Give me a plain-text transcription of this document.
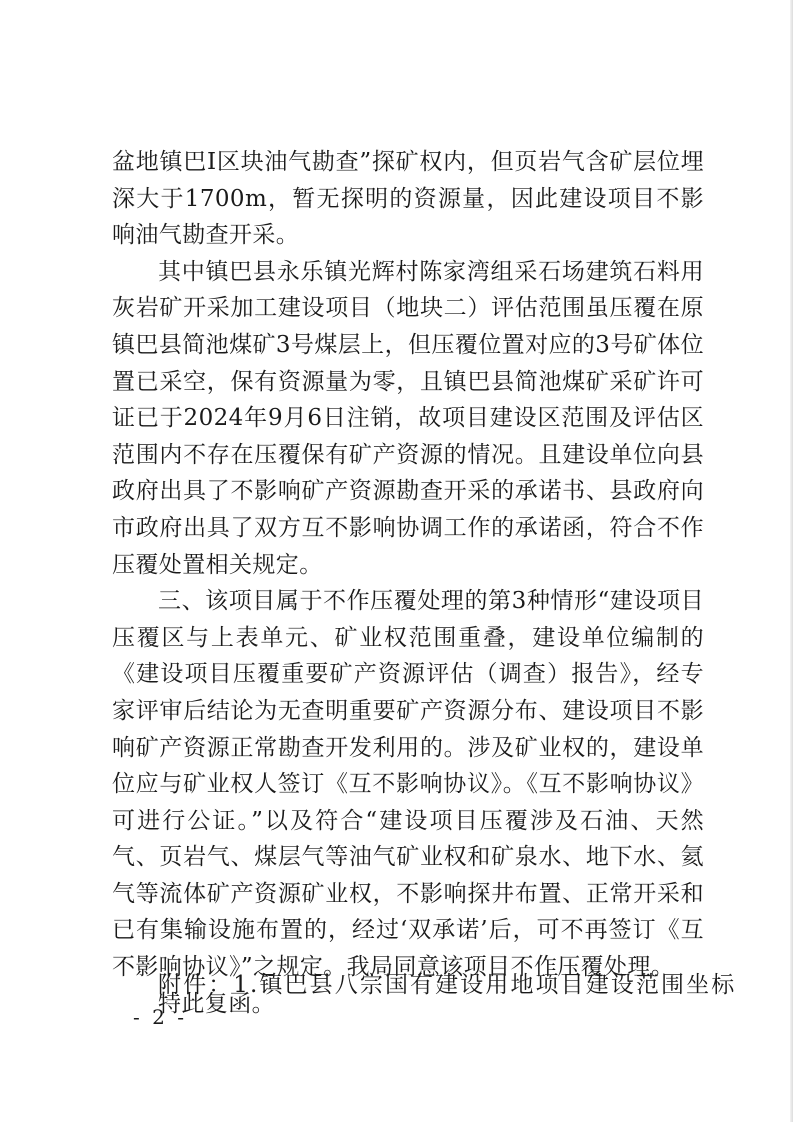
盆地镇巴Ⅰ区块油气勘查”探矿权内，但页岩气含矿层位埋深大于1700m，暂无探明的资源量，因此建设项目不影响油气勘查开采。

其中镇巴县永乐镇光辉村陈家湾组采石场建筑石料用灰岩矿开采加工建设项目（地块二）评估范围虽压覆在原镇巴县简池煤矿3号煤层上，但压覆位置对应的3号矿体位置已采空，保有资源量为零，且镇巴县简池煤矿采矿许可证已于2024年9月6日注销，故项目建设区范围及评估区范围内不存在压覆保有矿产资源的情况。且建设单位向县政府出具了不影响矿产资源勘查开采的承诺书、县政府向市政府出具了双方互不影响协调工作的承诺函，符合不作压覆处置相关规定。

三、该项目属于不作压覆处理的第3种情形“建设项目压覆区与上表单元、矿业权范围重叠，建设单位编制的《建设项目压覆重要矿产资源评估（调查）报告》，经专家评审后结论为无查明重要矿产资源分布、建设项目不影响矿产资源正常勘查开发利用的。涉及矿业权的，建设单位应与矿业权人签订《互不影响协议》。《互不影响协议》可进行公证。”以及符合“建设项目压覆涉及石油、天然气、页岩气、煤层气等油气矿业权和矿泉水、地下水、氦气等流体矿产资源矿业权，不影响探井布置、正常开采和已有集输设施布置的，经过‘双承诺’后，可不再签订《互不影响协议》”之规定。我局同意该项目不作压覆处理。

特此复函。

附件：1.镇巴县八宗国有建设用地项目建设范围坐标
- 2 -
